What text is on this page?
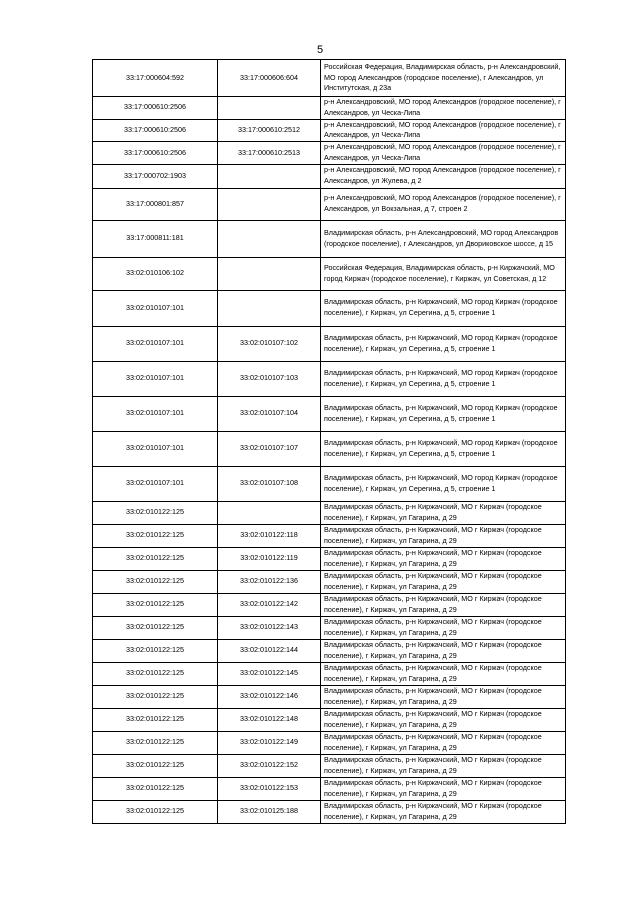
5
33:17:000604:592	33:17:000606:604	Российская Федерация, Владимирская область, р-н Александровский, МО город Александров (городское поселение), г Александров, ул Институтская, д 23а
33:17:000610:2506		р-н Александровский, МО город Александров (городское поселение), г Александров, ул Ческа-Липа
33:17:000610:2506	33:17:000610:2512	р-н Александровский, МО город Александров (городское поселение), г Александров, ул Ческа-Липа
33:17:000610:2506	33:17:000610:2513	р-н Александровский, МО город Александров (городское поселение), г Александров, ул Ческа-Липа
33:17:000702:1903		р-н Александровский, МО город Александров (городское поселение), г Александров, ул Жулева, д 2
33:17:000801:857		р-н Александровский, МО город Александров (городское поселение), г Александров, ул Вокзальная, д 7, строен 2
33:17:000811:181		Владимирская область, р-н Александровский, МО город Александров (городское поселение), г Александров, ул Двориковское шоссе, д 15
33:02:010106:102		Российская Федерация, Владимирская область, р-н Киржачский, МО город Киржач (городское поселение), г Киржач, ул Советская, д 12
33:02:010107:101		Владимирская область, р-н Киржачский, МО город Киржач (городское поселение), г Киржач, ул Серегина, д 5, строение 1
33:02:010107:101	33:02:010107:102	Владимирская область, р-н Киржачский, МО город Киржач (городское поселение), г Киржач, ул Серегина, д 5, строение 1
33:02:010107:101	33:02:010107:103	Владимирская область, р-н Киржачский, МО город Киржач (городское поселение), г Киржач, ул Серегина, д 5, строение 1
33:02:010107:101	33:02:010107:104	Владимирская область, р-н Киржачский, МО город Киржач (городское поселение), г Киржач, ул Серегина, д 5, строение 1
33:02:010107:101	33:02:010107:107	Владимирская область, р-н Киржачский, МО город Киржач (городское поселение), г Киржач, ул Серегина, д 5, строение 1
33:02:010107:101	33:02:010107:108	Владимирская область, р-н Киржачский, МО город Киржач (городское поселение), г Киржач, ул Серегина, д 5, строение 1
33:02:010122:125		Владимирская область, р-н Киржачский, МО г Киржач (городское поселение), г Киржач, ул Гагарина, д 29
33:02:010122:125	33:02:010122:118	Владимирская область, р-н Киржачский, МО г Киржач (городское поселение), г Киржач, ул Гагарина, д 29
33:02:010122:125	33:02:010122:119	Владимирская область, р-н Киржачский, МО г Киржач (городское поселение), г Киржач, ул Гагарина, д 29
33:02:010122:125	33:02:010122:136	Владимирская область, р-н Киржачский, МО г Киржач (городское поселение), г Киржач, ул Гагарина, д 29
33:02:010122:125	33:02:010122:142	Владимирская область, р-н Киржачский, МО г Киржач (городское поселение), г Киржач, ул Гагарина, д 29
33:02:010122:125	33:02:010122:143	Владимирская область, р-н Киржачский, МО г Киржач (городское поселение), г Киржач, ул Гагарина, д 29
33:02:010122:125	33:02:010122:144	Владимирская область, р-н Киржачский, МО г Киржач (городское поселение), г Киржач, ул Гагарина, д 29
33:02:010122:125	33:02:010122:145	Владимирская область, р-н Киржачский, МО г Киржач (городское поселение), г Киржач, ул Гагарина, д 29
33:02:010122:125	33:02:010122:146	Владимирская область, р-н Киржачский, МО г Киржач (городское поселение), г Киржач, ул Гагарина, д 29
33:02:010122:125	33:02:010122:148	Владимирская область, р-н Киржачский, МО г Киржач (городское поселение), г Киржач, ул Гагарина, д 29
33:02:010122:125	33:02:010122:149	Владимирская область, р-н Киржачский, МО г Киржач (городское поселение), г Киржач, ул Гагарина, д 29
33:02:010122:125	33:02:010122:152	Владимирская область, р-н Киржачский, МО г Киржач (городское поселение), г Киржач, ул Гагарина, д 29
33:02:010122:125	33:02:010122:153	Владимирская область, р-н Киржачский, МО г Киржач (городское поселение), г Киржач, ул Гагарина, д 29
33:02:010122:125	33:02:010125:188	Владимирская область, р-н Киржачский, МО г Киржач (городское поселение), г Киржач, ул Гагарина, д 29
